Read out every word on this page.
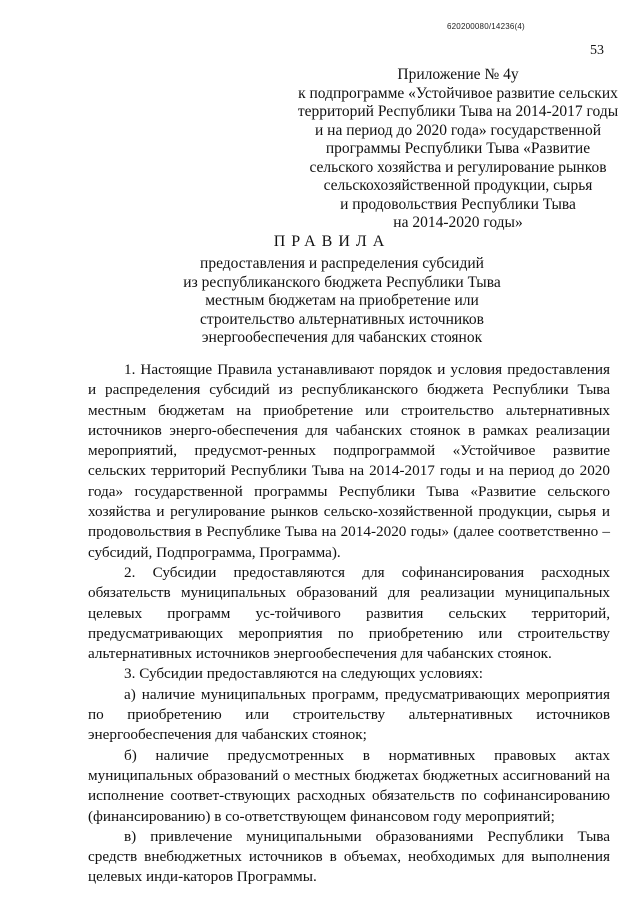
620200080/14236(4)
53
Приложение № 4у
к подпрограмме «Устойчивое развитие сельских
территорий Республики Тыва на 2014-2017 годы
и на период до 2020 года» государственной
программы Республики Тыва «Развитие
сельского хозяйства и регулирование рынков
сельскохозяйственной продукции, сырья
и продовольствия Республики Тыва
на 2014-2020 годы»
ПРАВИЛА
предоставления и распределения субсидий
из республиканского бюджета Республики Тыва
местным бюджетам на приобретение или
строительство альтернативных источников
энергообеспечения для чабанских стоянок

1. Настоящие Правила устанавливают порядок и условия предоставления и распределения субсидий из республиканского бюджета Республики Тыва местным бюджетам на приобретение или строительство альтернативных источников энерго-обеспечения для чабанских стоянок в рамках реализации мероприятий, предусмот-ренных подпрограммой «Устойчивое развитие сельских территорий Республики Тыва на 2014-2017 годы и на период до 2020 года» государственной программы Республики Тыва «Развитие сельского хозяйства и регулирование рынков сельско-хозяйственной продукции, сырья и продовольствия в Республике Тыва на 2014-2020 годы» (далее соответственно – субсидий, Подпрограмма, Программа).

2. Субсидии предоставляются для софинансирования расходных обязательств муниципальных образований для реализации муниципальных целевых программ ус-тойчивого развития сельских территорий, предусматривающих мероприятия по приобретению или строительству альтернативных источников энергообеспечения для чабанских стоянок.

3. Субсидии предоставляются на следующих условиях:

а) наличие муниципальных программ, предусматривающих мероприятия по приобретению или строительству альтернативных источников энергообеспечения для чабанских стоянок;

б) наличие предусмотренных в нормативных правовых актах муниципальных образований о местных бюджетах бюджетных ассигнований на исполнение соответ-ствующих расходных обязательств по софинансированию (финансированию) в со-ответствующем финансовом году мероприятий;

в) привлечение муниципальными образованиями Республики Тыва средств внебюджетных источников в объемах, необходимых для выполнения целевых инди-каторов Программы.
